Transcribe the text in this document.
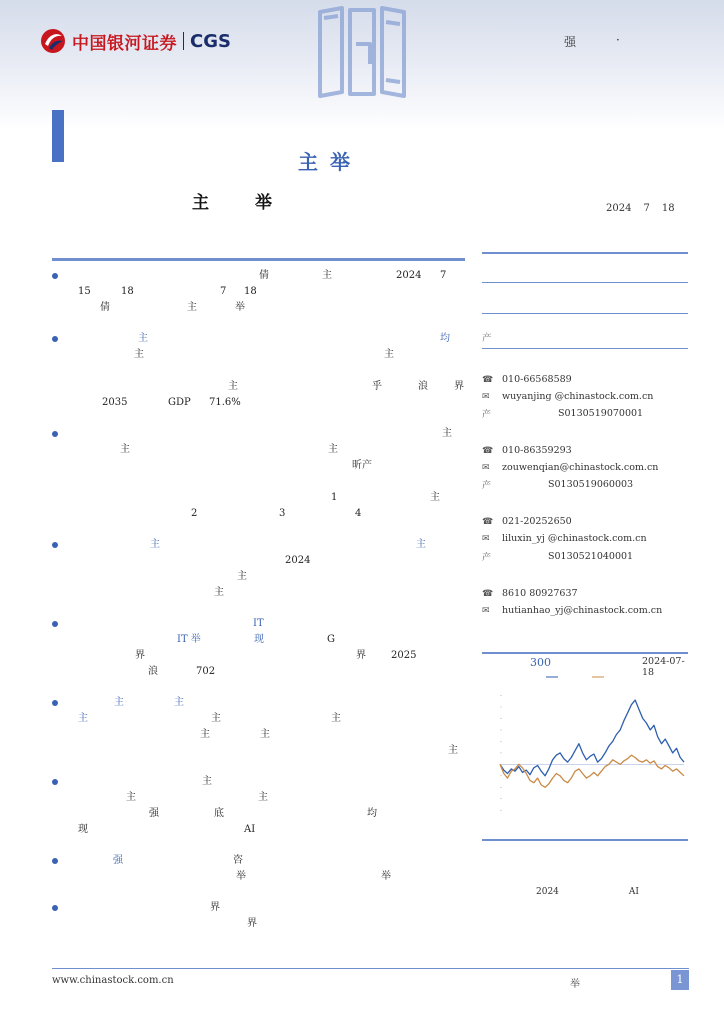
中国银河证券 CGS	强	·
主举
主	举	2024 7 18
倩	主	2024 7
15	18	7 18
倩	主	举
主	均
主	主
主	乎	浪	界
2035	GDP 71.6%
主
主	主
昕产
1	主
2	3	4
主	主
2024
主
主
IT
IT 举	现	G
界	界	2025
浪	702
主	主
主	主	主
主	主
主
主
主	主
强	底	均
现	AI
强	咨
举	举
界
界
产
☎ 010-66568589
✉	wuyanjing @chinastock.com.cn
产	S0130519070001
☎ 010-86359293
✉	zouwenqian@chinastock.com.cn
产	S0130519060003
☎ 021-20252650
✉	liluxin_yj @chinastock.com.cn
产	S0130521040001
☎ 8610 80927637
✉	hutianhao_yj@chinastock.com.cn
300	2024-07-18
2024	AI
www.chinastock.com.cn	举	1
